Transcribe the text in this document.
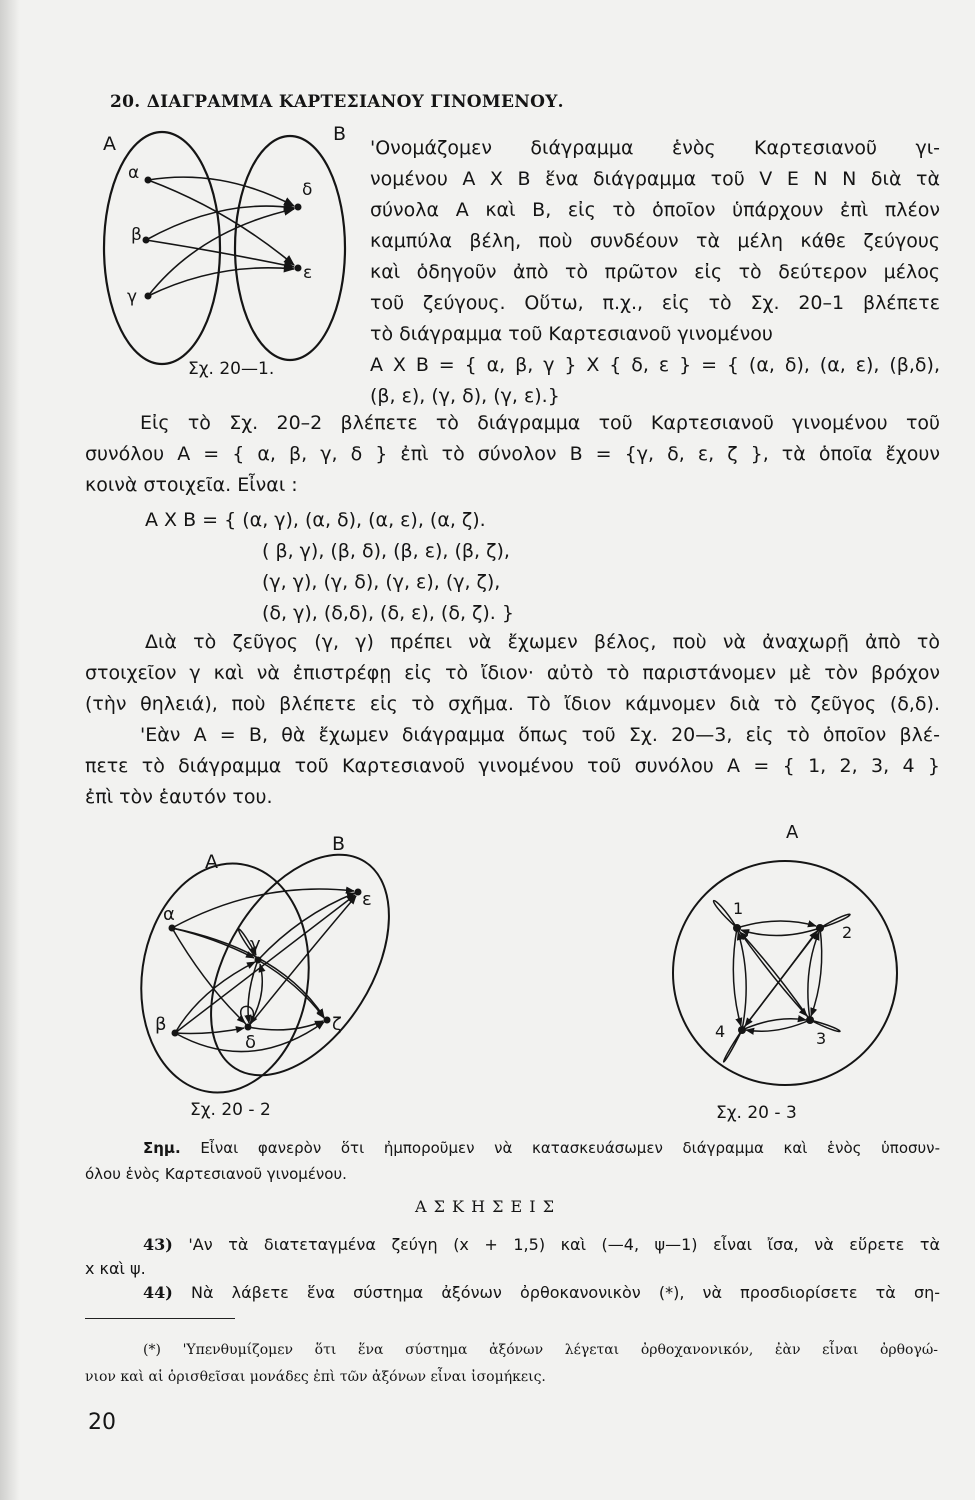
20. ΔΙΑΓΡΑΜΜΑ ΚΑΡΤΕΣΙΑΝΟΥ ΓΙΝΟΜΕΝΟΥ.
A	B
α
β
γ
δ
ε
Σχ. 20—1.
'Ονομάζομεν διάγραμμα ἑνὸς Καρτεσιανοῦ γι-
νομένου A X B ἕνα διάγραμμα τοῦ V E N N διὰ τὰ
σύνολα A καὶ B, εἰς τὸ ὁποῖον ὑπάρχουν ἐπὶ πλέον
καμπύλα βέλη, ποὺ συνδέουν τὰ μέλη κάθε ζεύγους
καὶ ὁδηγοῦν ἀπὸ τὸ πρῶτον εἰς τὸ δεύτερον μέλος
τοῦ ζεύγους. Οὕτω, π.χ., εἰς τὸ Σχ. 20–1 βλέπετε
τὸ διάγραμμα τοῦ Καρτεσιανοῦ γινομένου
A X B = { α, β, γ } X { δ, ε } = { (α, δ), (α, ε), (β,δ),
(β, ε), (γ, δ), (γ, ε).}
Εἰς τὸ Σχ. 20–2 βλέπετε τὸ διάγραμμα τοῦ Καρτεσιανοῦ γινομένου τοῦ
συνόλου A = { α, β, γ, δ } ἐπὶ τὸ σύνολον B = {γ, δ, ε, ζ }, τὰ ὁποῖα ἔχουν
κοινὰ στοιχεῖα. Εἶναι :
A X B = { (α, γ), (α, δ), (α, ε), (α, ζ).
( β, γ), (β, δ), (β, ε), (β, ζ),
(γ, γ), (γ, δ), (γ, ε), (γ, ζ),
(δ, γ), (δ,δ), (δ, ε), (δ, ζ). }
Διὰ τὸ ζεῦγος (γ, γ) πρέπει νὰ ἔχωμεν βέλος, ποὺ νὰ ἀναχωρῇ ἀπὸ τὸ
στοιχεῖον γ καὶ νὰ ἐπιστρέφῃ εἰς τὸ ἴδιον· αὐτὸ τὸ παριστάνομεν μὲ τὸν βρόχον
(τὴν θηλειά), ποὺ βλέπετε εἰς τὸ σχῆμα. Τὸ ἴδιον κάμνομεν διὰ τὸ ζεῦγος (δ,δ).
'Εὰν A = B, θὰ ἔχωμεν διάγραμμα ὅπως τοῦ Σχ. 20—3, εἰς τὸ ὁποῖον βλέ-
πετε τὸ διάγραμμα τοῦ Καρτεσιανοῦ γινομένου τοῦ συνόλου A = { 1, 2, 3, 4 }
ἐπὶ τὸν ἑαυτόν του.
A
B
α
β
γ
δ
ε
ζ
Σχ. 20 - 2
A
1
2
3
4
Σχ. 20 - 3
Σημ. Εἶναι φανερὸν ὅτι ἠμποροῦμεν νὰ κατασκευάσωμεν διάγραμμα καὶ ἑνὸς ὑποσυν-
όλου ἑνὸς Καρτεσιανοῦ γινομένου.
Α Σ Κ Η Σ Ε Ι Σ
43) 'Αν τὰ διατεταγμένα ζεύγη (x + 1,5) καὶ (—4, ψ—1) εἶναι ἴσα, νὰ εὕρετε τὰ
x καὶ ψ.
44) Νὰ λάβετε ἕνα σύστημα ἀξόνων ὀρθοκανονικὸν (*), νὰ προσδιορίσετε τὰ ση-
(*) 'Υπενθυμίζομεν ὅτι ἕνα σύστημα ἀξόνων λέγεται ὀρθοχανονικόν, ἐὰν εἶναι ὀρθογώ-
νιον καὶ αἱ ὁρισθεῖσαι μονάδες ἐπὶ τῶν ἀξόνων εἶναι ἰσομήκεις.
20
